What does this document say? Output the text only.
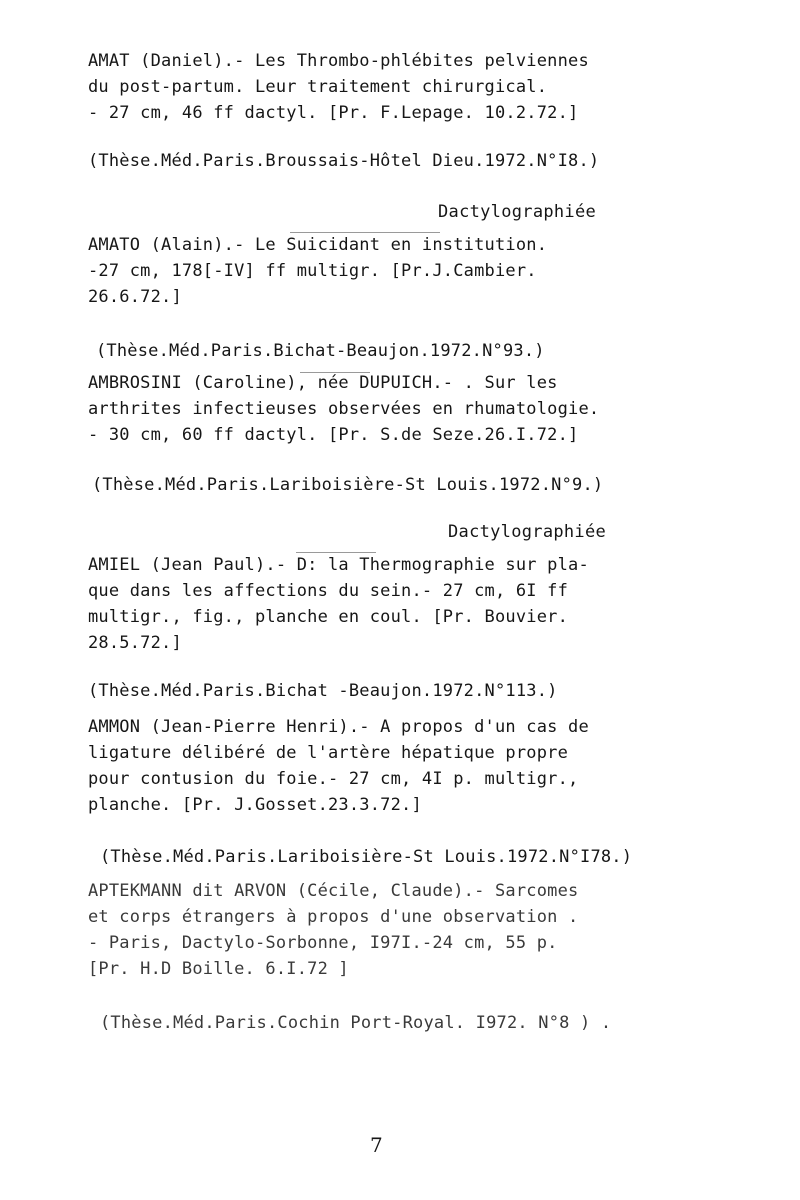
AMAT (Daniel).- Les Thrombo-phlébites pelviennes
du post-partum. Leur traitement chirurgical.
- 27 cm, 46 ff dactyl. [Pr. F.Lepage. 10.2.72.]
(Thèse.Méd.Paris.Broussais-Hôtel Dieu.1972.N°I8.)
Dactylographiée
AMATO (Alain).- Le Suicidant en institution.
-27 cm, 178[-IV] ff multigr. [Pr.J.Cambier.
26.6.72.]
(Thèse.Méd.Paris.Bichat-Beaujon.1972.N°93.)
AMBROSINI (Caroline), née DUPUICH.- . Sur les
arthrites infectieuses observées en rhumatologie.
- 30 cm, 60 ff dactyl. [Pr. S.de Seze.26.I.72.]
(Thèse.Méd.Paris.Lariboisière-St Louis.1972.N°9.)
Dactylographiée
AMIEL (Jean Paul).- D: la Thermographie sur pla-
que dans les affections du sein.- 27 cm, 6I ff
multigr., fig., planche en coul. [Pr. Bouvier.
28.5.72.]
(Thèse.Méd.Paris.Bichat -Beaujon.1972.N°113.)
AMMON (Jean-Pierre Henri).- A propos d'un cas de
ligature délibéré de l'artère hépatique propre
pour contusion du foie.- 27 cm, 4I p. multigr.,
planche. [Pr. J.Gosset.23.3.72.]
(Thèse.Méd.Paris.Lariboisière-St Louis.1972.N°I78.)
APTEKMANN dit ARVON (Cécile, Claude).- Sarcomes
et corps étrangers à propos d'une observation .
- Paris, Dactylo-Sorbonne, I97I.-24 cm, 55 p.
[Pr. H.D Boille. 6.I.72 ]
(Thèse.Méd.Paris.Cochin Port-Royal. I972. N°8 ) .
7
